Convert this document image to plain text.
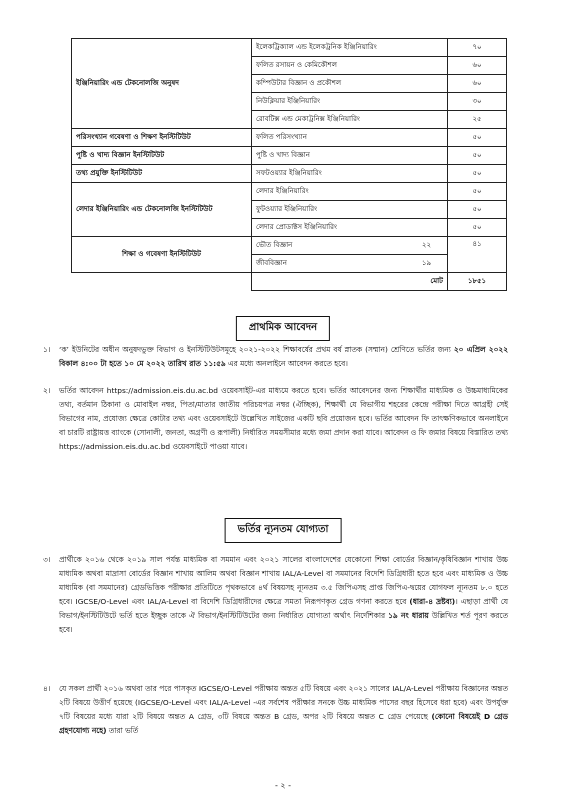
ইঞ্জিনিয়ারিং এন্ড টেকনোলজি অনুষদ	ইলেকট্রিক্যাল এন্ড ইলেকট্রনিক ইঞ্জিনিয়ারিং	৭০
	ফলিত রসায়ন ও কেমিকৌশল	৬০
	কম্পিউটার বিজ্ঞান ও প্রকৌশল	৬০
	নিউক্লিয়ার ইঞ্জিনিয়ারিং	৩০
	রোবটিক্স এন্ড মেকাট্রনিক্স ইঞ্জিনিয়ারিং	২৫
পরিসংখ্যান গবেষণা ও শিক্ষণ ইনস্টিটিউট	ফলিত পরিসংখ্যান	৫০
পুষ্টি ও খাদ্য বিজ্ঞান ইনস্টিটিউট	পুষ্টি ও খাদ্য বিজ্ঞান	৫০
তথ্য প্রযুক্তি ইনস্টিটিউট	সফটওয়্যার ইঞ্জিনিয়ারিং	৫০
লেদার ইঞ্জিনিয়ারিং এন্ড টেকনোলজি ইনস্টিটিউট	লেদার ইঞ্জিনিয়ারিং	৫০
	ফুটওয়্যার ইঞ্জিনিয়ারিং	৫০
	লেদার প্রোডাক্টস ইঞ্জিনিয়ারিং	৫০
শিক্ষা ও গবেষণা ইনস্টিটিউট	ভৌত বিজ্ঞান ২২	৪১

	জীববিজ্ঞান ১৯	

	মোট	১৮৫১
প্রাথমিক আবেদন
১। ‘ক’ ইউনিটের অধীন অনুষদভুক্ত বিভাগ ও ইনস্টিটিউটসমূহে ২০২১-২০২২ শিক্ষাবর্ষের প্রথম বর্ষ স্নাতক (সম্মান) শ্রেণিতে ভর্তির জন্য ২০ এপ্রিল ২০২২ বিকাল ৪:০০ টা হতে ১০ মে ২০২২ তারিখ রাত ১১:৫৯ এর মধ্যে অনলাইনে আবেদন করতে হবে।
২। ভর্তির আবেদন https://admission.eis.du.ac.bd ওয়েবসাইট-এর মাধ্যমে করতে হবে। ভর্তির আবেদনের জন্য শিক্ষার্থীর মাধ্যমিক ও উচ্চমাধ্যমিকের তথ্য, বর্তমান ঠিকানা ও মোবাইল নম্বর, পিতা/মাতার জাতীয় পরিচয়পত্র নম্বর (ঐচ্ছিক), শিক্ষার্থী যে বিভাগীয় শহরের কেন্দ্রে পরীক্ষা দিতে আগ্রহী সেই বিভাগের নাম, প্রযোজ্য ক্ষেত্রে কোটার তথ্য এবং ওয়েবসাইটে উল্লেখিত সাইজের একটি ছবি প্রয়োজন হবে। ভর্তির আবেদন ফি তাৎক্ষণিকভাবে অনলাইনে বা চারটি রাষ্ট্রায়ত্ত ব্যাংকে (সোনালী, জনতা, অগ্রণী ও রূপালী) নির্ধারিত সময়সীমার মধ্যে জমা প্রদান করা যাবে। আবেদন ও ফি জমার বিষয়ে বিস্তারিত তথ্য https://admission.eis.du.ac.bd ওয়েবসাইটে পাওয়া যাবে।
ভর্তির ন্যূনতম যোগ্যতা
৩। প্রার্থীকে ২০১৬ থেকে ২০১৯ সাল পর্যন্ত মাধ্যমিক বা সমমান এবং ২০২১ সালের বাংলাদেশের যেকোনো শিক্ষা বোর্ডের বিজ্ঞান/কৃষিবিজ্ঞান শাখায় উচ্চ মাধ্যমিক অথবা মাদ্রাসা বোর্ডের বিজ্ঞান শাখায় আলিম অথবা বিজ্ঞান শাখায় IAL/A-Level বা সমমানের বিদেশি ডিগ্রিধারী হতে হবে এবং মাধ্যমিক ও উচ্চ মাধ্যমিক (বা সমমানের) গ্রেডভিত্তিক পরীক্ষার প্রতিটিতে পৃথকভাবে ৪র্থ বিষয়সহ ন্যূনতম ৩.৫ জিপিএসহ প্রাপ্ত জিপিএ-দ্বয়ের যোগফল ন্যূনতম ৮.০ হতে হবে। IGCSE/O-Level এবং IAL/A-Level বা বিদেশি ডিগ্রিধারীদের ক্ষেত্রে সমতা নিরূপণকৃত গ্রেড গণনা করতে হবে (ধারা-৪ দ্রষ্টব্য)। এছাড়া প্রার্থী যে বিভাগ/ইনস্টিটিউটে ভর্তি হতে ইচ্ছুক তাকে ঐ বিভাগ/ইনস্টিটিউটের জন্য নির্ধারিত যোগ্যতা অর্থাৎ নির্দেশিকার ১৯ নং ধারায় উল্লিখিত শর্ত পূরণ করতে হবে।
৪। যে সকল প্রার্থী ২০১৬ অথবা তার পরে পাসকৃত IGCSE/O-Level পরীক্ষায় অন্তত ৫টি বিষয়ে এবং ২০২১ সালের IAL/A-Level পরীক্ষায় বিজ্ঞানের অন্তত ২টি বিষয়ে উত্তীর্ণ হয়েছে (IGCSE/O-Level এবং IAL/A-Level -এর সর্বশেষ পরীক্ষার সনকে উচ্চ মাধ্যমিক পাসের বছর হিসেবে ধরা হবে) এবং উপর্যুক্ত ৭টি বিষয়ের মধ্যে যারা ২টি বিষয়ে অন্তত A গ্রেড, ৩টি বিষয়ে অন্তত B গ্রেড, অপর ২টি বিষয়ে অন্তত C গ্রেড পেয়েছে (কোনো বিষয়েই D গ্রেড গ্রহণযোগ্য নহে) তারা ভর্তি
- ২ -
